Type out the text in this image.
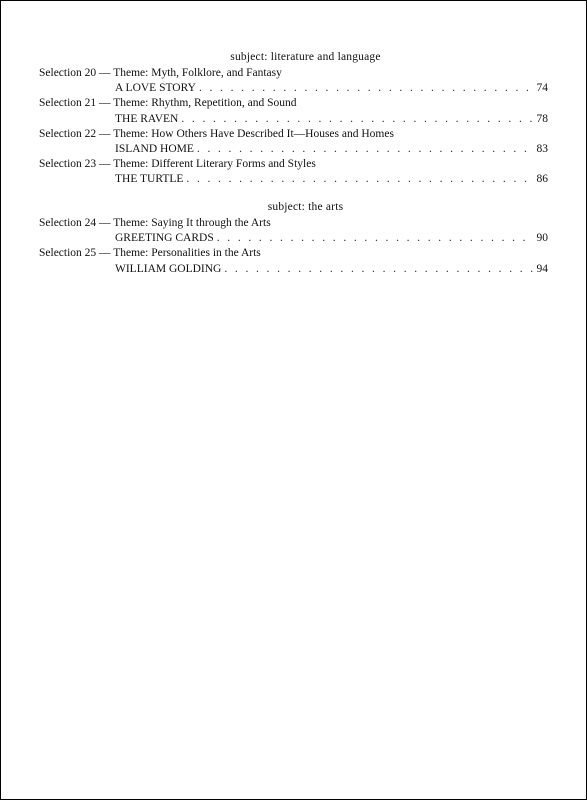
subject: literature and language
Selection 20 — Theme: Myth, Folklore, and Fantasy
A LOVE STORY . . .	74
Selection 21 — Theme: Rhythm, Repetition, and Sound
THE RAVEN . . .	78
Selection 22 — Theme: How Others Have Described It—Houses and Homes
ISLAND HOME . . .	83
Selection 23 — Theme: Different Literary Forms and Styles
THE TURTLE . . .	86
subject: the arts
Selection 24 — Theme: Saying It through the Arts
GREETING CARDS . . .	90
Selection 25 — Theme: Personalities in the Arts
WILLIAM GOLDING . . .	94
